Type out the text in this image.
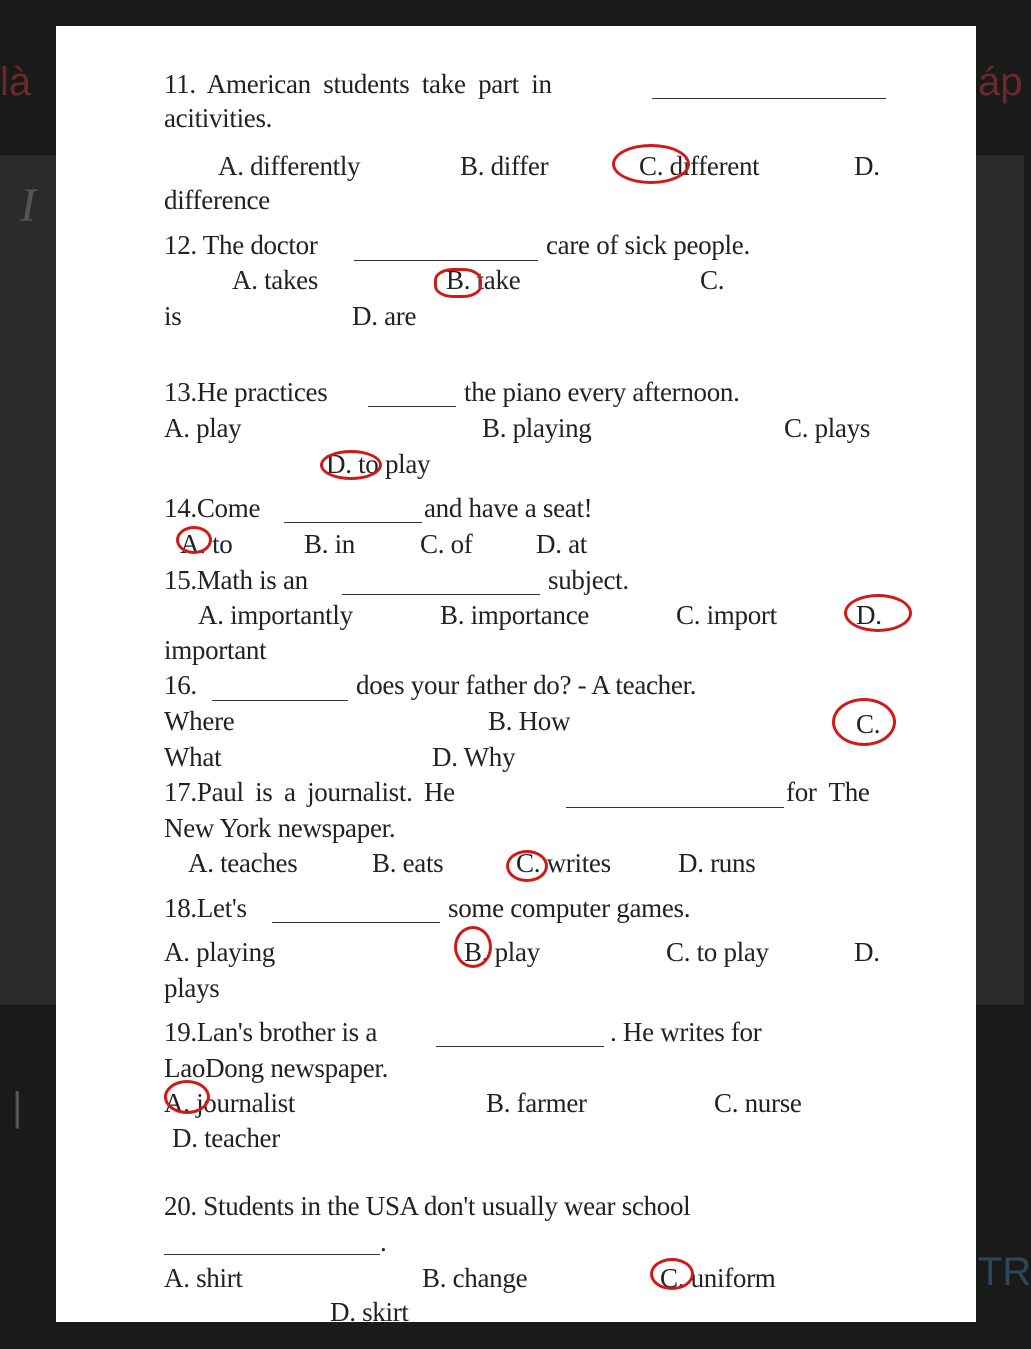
là	áp
I
|
TR
11. American students take part in
acitivities.
A. differently	B. differ	C. different	D.
difference
12. The doctor	care of sick people.
A. takes	B. take	C.
is	D. are
13.He practices	the piano every afternoon.
A. play	B. playing	C. plays
D. to play
14.Come	and have a seat!
A. to	B. in C. of D. at
15.Math is an	subject.
A. importantly	B. importance	C. import	D.
important
16.	does your father do? - A teacher.
Where	B. How	C.
What	D. Why
17.Paul is a journalist. He	for The
New York newspaper.
A. teaches	B. eats	C. writes D. runs
18.Let's	some computer games.
A. playing	B. play	C. to play	D.
plays
19.Lan's brother is a	. He writes for
LaoDong newspaper.
A. journalist	B. farmer	C. nurse
D. teacher
20. Students in the USA don't usually wear school
.
A. shirt	B. change	C. uniform
D. skirt
